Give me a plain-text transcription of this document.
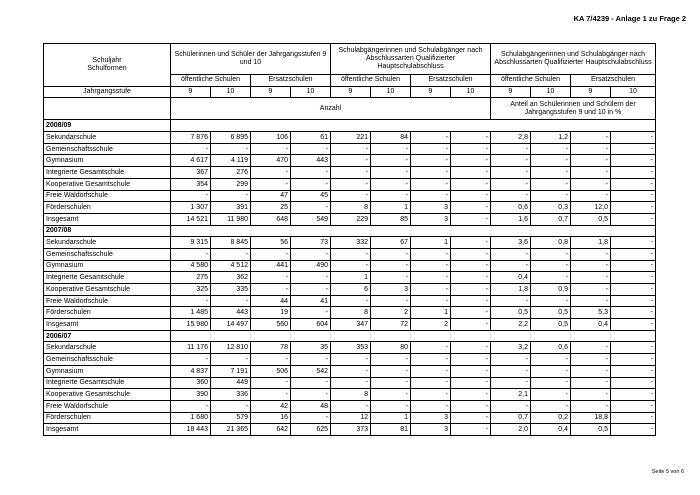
KA 7/4239 - Anlage 1 zu Frage 2
Schuljahr
Schulformen	Schülerinnen und Schüler der Jahrgangsstufen 9 und 10				Schulabgängerinnen und Schulabgänger nach Abschlussarten Qualifizierter Hauptschulabschluss				Schulabgängerinnen und Schulabgänger nach Abschlussarten Qualifizierter Hauptschulabschluss			
	öffentliche Schulen		Ersatzschulen		öffentliche Schulen		Ersatzschulen		öffentliche Schulen		Ersatzschulen	
Jahrgangsstufe	9	10	9	10	9	10	9	10	9	10	9	10
	Anzahl								Anteil an Schülerinnen und Schülern der Jahrgangsstufen 9 und 10 in %			
2008/09												
Sekundarschule	7 876	6 895	106	61	221	84	-	-	2,8	1,2	-	-
Gemeinschaftsschule	-	-	-	-	-	-	-	-	-	-	-	-
Gymnasium	4 617	4 119	470	443	-	-	-	-	-	-	-	-
Integrierte Gesamtschule	367	276	-	-	-	-	-	-	-	-	-	-
Kooperative Gesamtschule	354	299	-	-	-	-	-	-	-	-	-	-
Freie Waldorfschule	-	-	47	45	-	-	-	-	-	-	-	-
Förderschulen	1 307	391	25	-	8	1	3	-	0,6	0,3	12,0	-
Insgesamt	14 521	11 980	648	549	229	85	3	-	1,6	0,7	0,5	-
2007/08												
Sekundarschule	9 315	8 845	56	73	332	67	1	-	3,6	0,8	1,8	-
Gemeinschaftsschule	-	-	-	-	-	-	-	-	-	-	-	-
Gymnasium	4 580	4 512	441	490	-	-	-	-	-	-	-	-
Integrierte Gesamtschule	275	362	-	-	1	-	-	-	0,4	-	-	-
Kooperative Gesamtschule	325	335	-	-	6	3	-	-	1,8	0,9	-	-
Freie Waldorfschule	-	-	44	41	-	-	-	-	-	-	-	-
Förderschulen	1 485	443	19	-	8	2	1	-	0,5	0,5	5,3	-
Insgesamt	15 980	14 497	560	604	347	72	2	-	2,2	0,5	0,4	-
2006/07												
Sekundarschule	11 176	12 810	78	35	353	80	-	-	3,2	0,6	-	-
Gemeinschaftsschule	-	-	-	-	-	-	-	-	-	-	-	-
Gymnasium	4 837	7 191	506	542	-	-	-	-	-	-	-	-
Integrierte Gesamtschule	360	449	-	-	-	-	-	-	-	-	-	-
Kooperative Gesamtschule	390	336	-	-	8	-	-	-	2,1	-	-	-
Freie Waldorfschule	-	-	42	48	-	-	-	-	-	-	-	-
Förderschulen	1 680	579	16	-	12	1	3	-	0,7	0,2	18,8	-
Insgesamt	18 443	21 365	642	625	373	81	3	-	2,0	0,4	0,5	-
Seite 5 von 6
